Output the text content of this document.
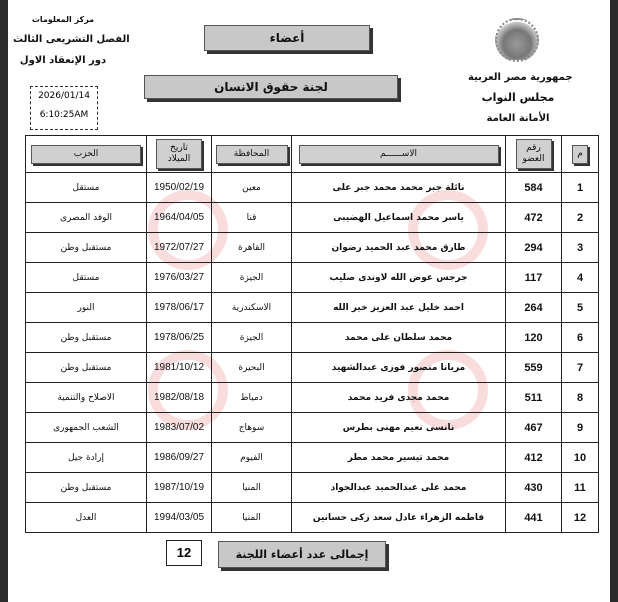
مركز المعلومات
الفصل التشريعى الثالث
دور الإنعقاد الاول
2026/01/14
6:10:25AM
أعضاء
لجنة حقوق الانسان
جمهورية مصر العربية
مجلس النواب
الأمانة العامة
م	رقم العضو	الاســــــم	المحافظة	تاريخ الميلاد	الحزب
1	584	نائلة جبر محمد محمد جبر على	معين	1950/02/19	مستقل
2	472	ياسر محمد اسماعيل الهضيبى	قنا	1964/04/05	الوفد المصرى
3	294	طارق محمد عبد الحميد رضوان	القاهرة	1972/07/27	مستقبل وطن
4	117	جرجس عوض الله لاوندى صليب	الجيزة	1976/03/27	مستقل
5	264	احمد خليل عبد العزيز خير الله	الاسكندرية	1978/06/17	النور
6	120	محمد سلطان على محمد	الجيزة	1978/06/25	مستقبل وطن
7	559	مريانا منصور فوزى عبدالشهيد	البحيرة	1981/10/12	مستقبل وطن
8	511	محمد مجدى فريد محمد	دمياط	1982/08/18	الاصلاح والتنمية
9	467	نانسى نعيم مهنى بطرس	سوهاج	1983/07/02	الشعب الجمهورى
10	412	محمد تيسير محمد مطر	الفيوم	1986/09/27	إرادة جيل
11	430	محمد على عبدالحميد عبدالجواد	المنيا	1987/10/19	مستقبل وطن
12	441	فاطمه الزهراء عادل سعد زكى حسانين	المنيا	1994/03/05	العدل
12	إجمالى عدد أعضاء اللجنة
